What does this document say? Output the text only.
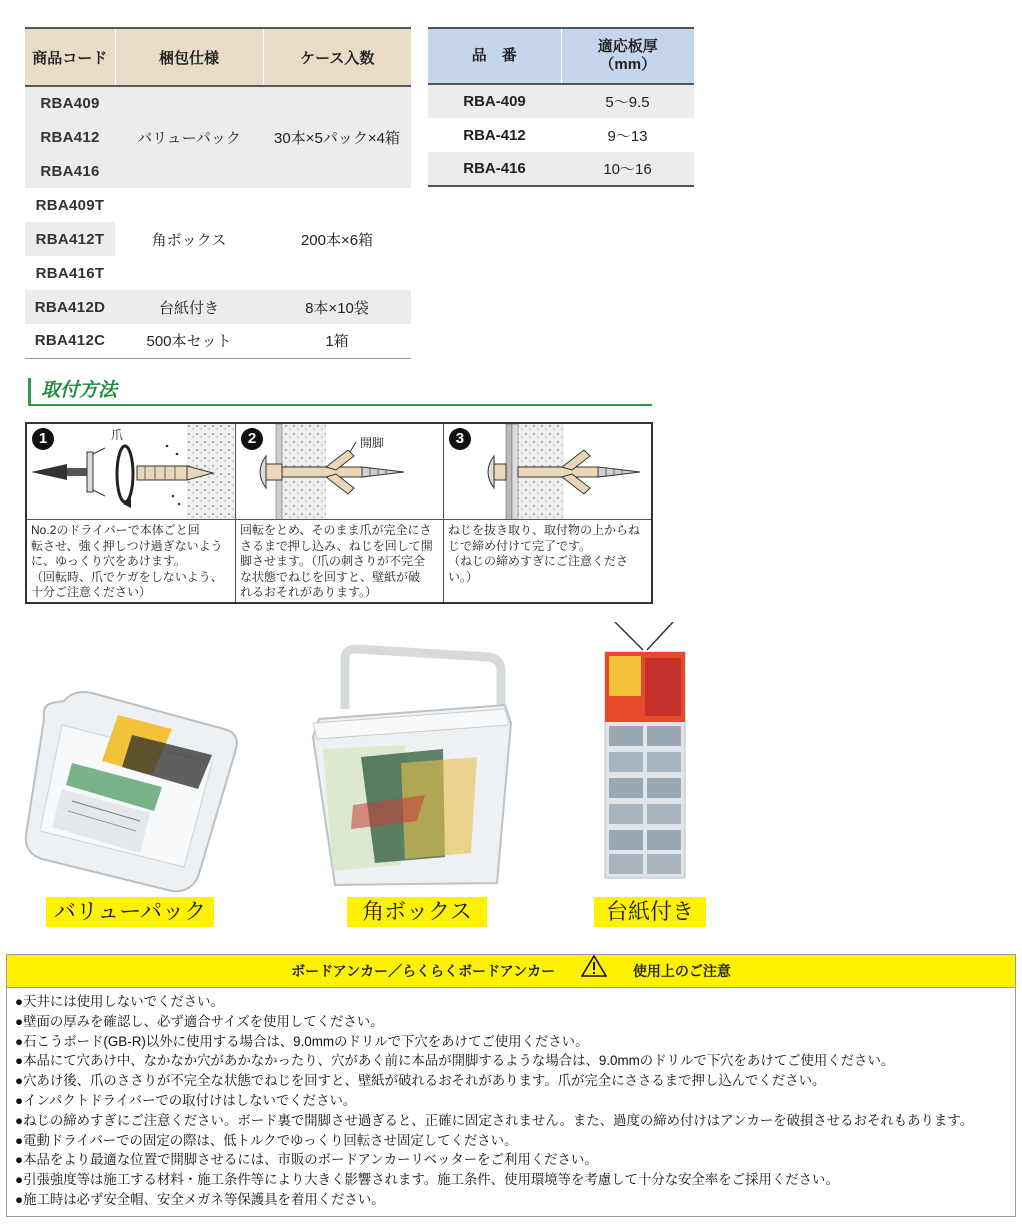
商品コード	梱包仕様	ケース入数
RBA409	バリューパック	30本×5パック×4箱
RBA412		
RBA416		
RBA409T	角ボックス	200本×6箱
RBA412T		
RBA416T		
RBA412D	台紙付き	8本×10袋
RBA412C	500本セット	1箱
品　番	適応板厚
（mm）

RBA-409	5〜9.5
RBA-412	9〜13
RBA-416	10〜16
取付方法
1	爪
No.2のドライバーで本体ごと回
転させ、強く押しつけ過ぎないよう
に、ゆっくり穴をあけます。
（回転時、爪でケガをしないよう、
十分ご注意ください）
2	開脚
回転をとめ、そのまま爪が完全にさ
さるまで押し込み、ねじを回して開
脚させます。（爪の刺さりが不完全
な状態でねじを回すと、壁紙が破
れるおそれがあります。）
3
ねじを抜き取り、取付物の上からね
じで締め付けて完了です。
（ねじの締めすぎにご注意くださ
い。）
バリューパック	角ボックス	台紙付き
ボードアンカー／らくらくボードアンカー	使用上のご注意
●天井には使用しないでください。
●壁面の厚みを確認し、必ず適合サイズを使用してください。
●石こうボード(GB-R)以外に使用する場合は、9.0mmのドリルで下穴をあけてご使用ください。
●本品にて穴あけ中、なかなか穴があかなかったり、穴があく前に本品が開脚するような場合は、9.0mmのドリルで下穴をあけてご使用ください。
●穴あけ後、爪のささりが不完全な状態でねじを回すと、壁紙が破れるおそれがあります。爪が完全にささるまで押し込んでください。
●インパクトドライバーでの取付けはしないでください。
●ねじの締めすぎにご注意ください。ボード裏で開脚させ過ぎると、正確に固定されません。また、過度の締め付けはアンカーを破損させるおそれもあります。
●電動ドライバーでの固定の際は、低トルクでゆっくり回転させ固定してください。
●本品をより最適な位置で開脚させるには、市販のボードアンカーリベッターをご利用ください。
●引張強度等は施工する材料・施工条件等により大きく影響されます。施工条件、使用環境等を考慮して十分な安全率をご採用ください。
●施工時は必ず安全帽、安全メガネ等保護具を着用ください。
